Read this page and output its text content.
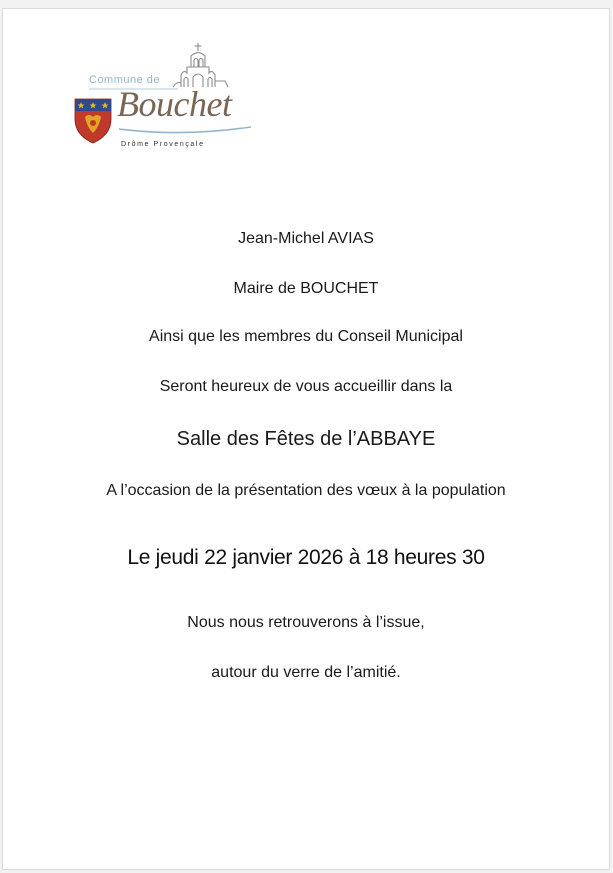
Commune de
Bouchet
Drôme Provençale
Jean-Michel AVIAS
Maire de BOUCHET
Ainsi que les membres du Conseil Municipal
Seront heureux de vous accueillir dans la
Salle des Fêtes de l’ABBAYE
A l’occasion de la présentation des vœux à la population
Le jeudi 22 janvier 2026 à 18 heures 30
Nous nous retrouverons à l’issue,
autour du verre de l’amitié.
